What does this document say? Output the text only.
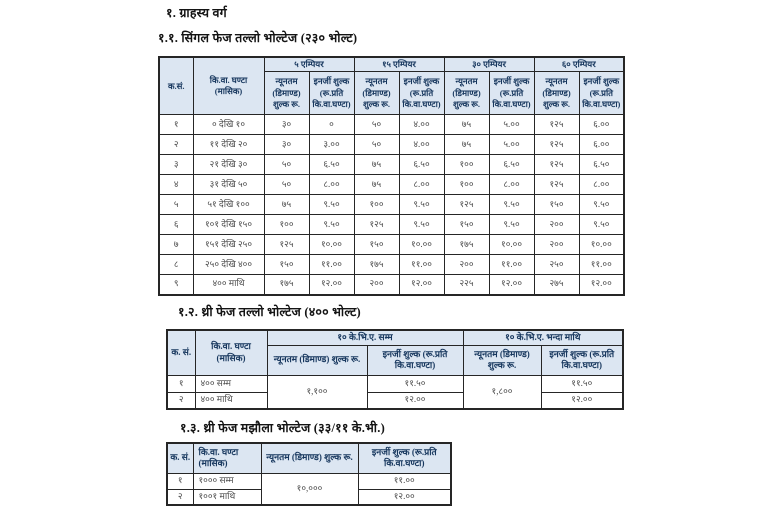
१. ग्राहस्य वर्ग
१.१. सिंगल फेज तल्लो भोल्टेज (२३० भोल्ट)
क.सं.	कि.वा. घण्टा (मासिक)	५ एम्पियर		१५ एम्पियर		३० एम्पियर		६० एम्पियर	
		न्यूनतम (डिमाण्ड) शुल्क रू.	इनर्जी शुल्क (रू.प्रति कि.वा.घण्टा)	न्यूनतम (डिमाण्ड) शुल्क रू.	इनर्जी शुल्क (रू.प्रति कि.वा.घण्टा)	न्यूनतम (डिमाण्ड) शुल्क रू.	इनर्जी शुल्क (रू.प्रति कि.वा.घण्टा)	न्यूनतम (डिमाण्ड) शुल्क रू.	इनर्जी शुल्क (रू.प्रति कि.वा.घण्टा)
१	० देखि १०	३०	०	५०	४.००	७५	५.००	१२५	६.००
२	११ देखि २०	३०	३.००	५०	४.००	७५	५.००	१२५	६.००
३	२१ देखि ३०	५०	६.५०	७५	६.५०	१००	६.५०	१२५	६.५०
४	३१ देखि ५०	५०	८.००	७५	८.००	१००	८.००	१२५	८.००
५	५१ देखि १००	७५	९.५०	१००	९.५०	१२५	९.५०	१५०	९.५०
६	१०१ देखि १५०	१००	९.५०	१२५	९.५०	१५०	९.५०	२००	९.५०
७	१५१ देखि २५०	१२५	१०.००	१५०	१०.००	१७५	१०.००	२००	१०.००
८	२५० देखि ४००	१५०	११.००	१७५	११.००	२००	११.००	२५०	११.००
९	४०० माथि	१७५	१२.००	२००	१२.००	२२५	१२.००	२७५	१२.००
१.२. थ्री फेज तल्लो भोल्टेज (४०० भोल्ट)
क. सं.	कि.वा. घण्टा (मासिक)	१० के.भि.ए. सम्म		१० के.भि.ए. भन्दा माथि	
		न्यूनतम (डिमाण्ड) शुल्क रू.	इनर्जी शुल्क (रू.प्रति कि.वा.घण्टा)	न्यूनतम (डिमाण्ड) शुल्क रू.	इनर्जी शुल्क (रू.प्रति कि.वा.घण्टा)
१	४०० सम्म	१,१००	११.५०	१,८००	११.५०
२	४०० माथि		१२.००		१२.००
१.३. थ्री फेज मझौला भोल्टेज (३३/११ के.भी.)
क. सं.	कि.वा. घण्टा (मासिक)	न्यूनतम (डिमाण्ड) शुल्क रू.	इनर्जी शुल्क (रू.प्रति कि.वा.घण्टा)
१	१००० सम्म	१०,०००	११.००
२	१००१ माथि		१२.००
